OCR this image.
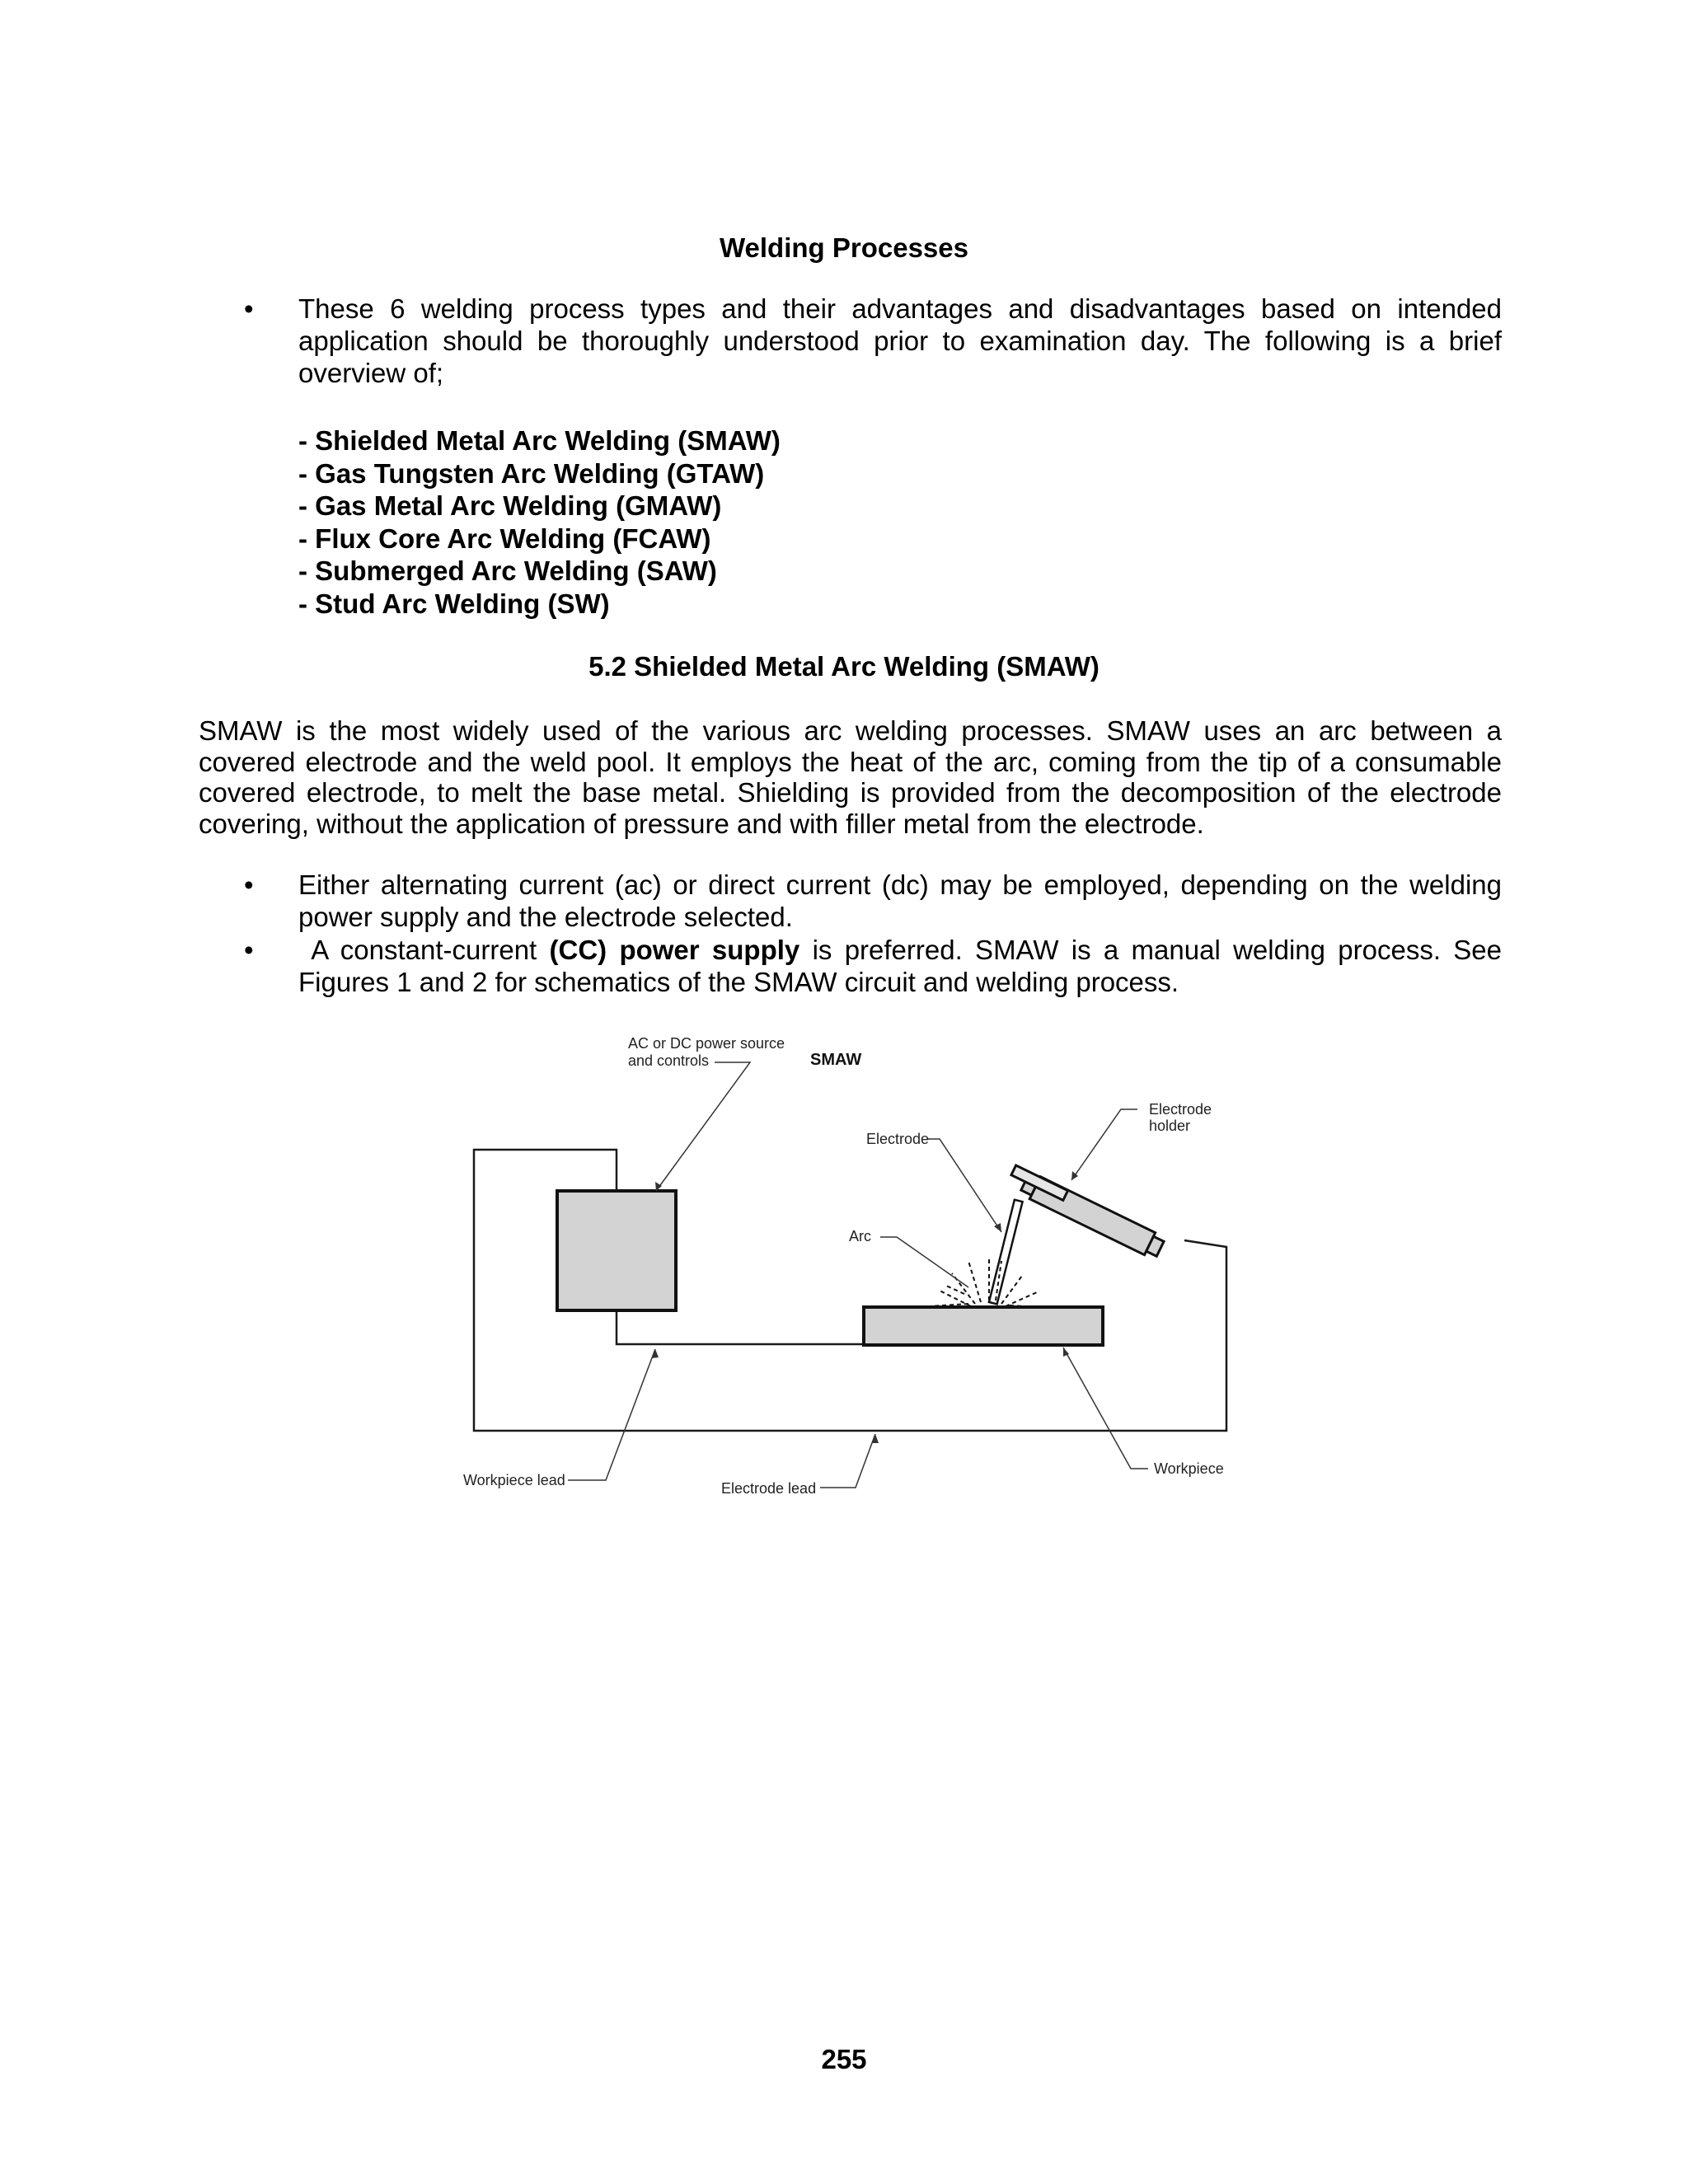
Welding Processes
• These 6 welding process types and their advantages and disadvantages based on intended application should be thoroughly understood prior to examination day. The following is a brief overview of;
- Shielded Metal Arc Welding (SMAW)
- Gas Tungsten Arc Welding (GTAW)
- Gas Metal Arc Welding (GMAW)
- Flux Core Arc Welding (FCAW)
- Submerged Arc Welding (SAW)
- Stud Arc Welding (SW)
5.2 Shielded Metal Arc Welding (SMAW)
SMAW is the most widely used of the various arc welding processes. SMAW uses an arc between a covered electrode and the weld pool. It employs the heat of the arc, coming from the tip of a consumable covered electrode, to melt the base metal. Shielding is provided from the decomposition of the electrode covering, without the application of pressure and with filler metal from the electrode.
• Either alternating current (ac) or direct current (dc) may be employed, depending on the welding power supply and the electrode selected.
• A constant-current (CC) power supply is preferred. SMAW is a manual welding process. See Figures 1 and 2 for schematics of the SMAW circuit and welding process.
AC or DC power source
and controls
Electrode
Electrode
holder
Arc
Workpiece lead	Electrode lead
Workpiece
SMAW
255
